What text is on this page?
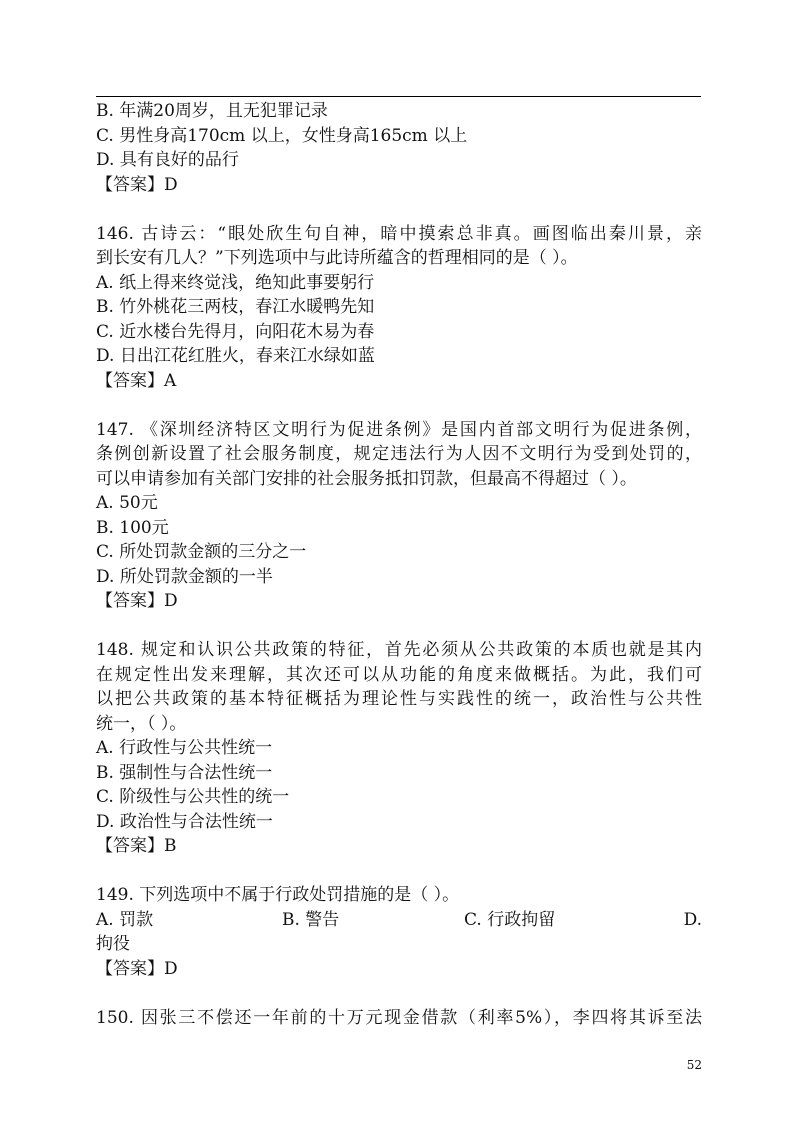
B. 年满20周岁，且无犯罪记录
C. 男性身高170cm 以上，女性身高165cm 以上
D. 具有良好的品行
【答案】D
146. 古诗云：“眼处欣生句自神，暗中摸索总非真。画图临出秦川景，亲
到长安有几人？”下列选项中与此诗所蕴含的哲理相同的是（ ）。
A. 纸上得来终觉浅，绝知此事要躬行
B. 竹外桃花三两枝，春江水暖鸭先知
C. 近水楼台先得月，向阳花木易为春
D. 日出江花红胜火，春来江水绿如蓝
【答案】A
147. 《深圳经济特区文明行为促进条例》是国内首部文明行为促进条例，
条例创新设置了社会服务制度，规定违法行为人因不文明行为受到处罚的，
可以申请参加有关部门安排的社会服务抵扣罚款，但最高不得超过（ ）。
A. 50元
B. 100元
C. 所处罚款金额的三分之一
D. 所处罚款金额的一半
【答案】D
148. 规定和认识公共政策的特征，首先必须从公共政策的本质也就是其内
在规定性出发来理解，其次还可以从功能的角度来做概括。为此，我们可
以把公共政策的基本特征概括为理论性与实践性的统一，政治性与公共性
统一，（ ）。
A. 行政性与公共性统一
B. 强制性与合法性统一
C. 阶级性与公共性的统一
D. 政治性与合法性统一
【答案】B
149. 下列选项中不属于行政处罚措施的是（ ）。
A. 罚款	B. 警告	C. 行政拘留	D.
拘役
【答案】D
150. 因张三不偿还一年前的十万元现金借款（利率5%），李四将其诉至法
52
